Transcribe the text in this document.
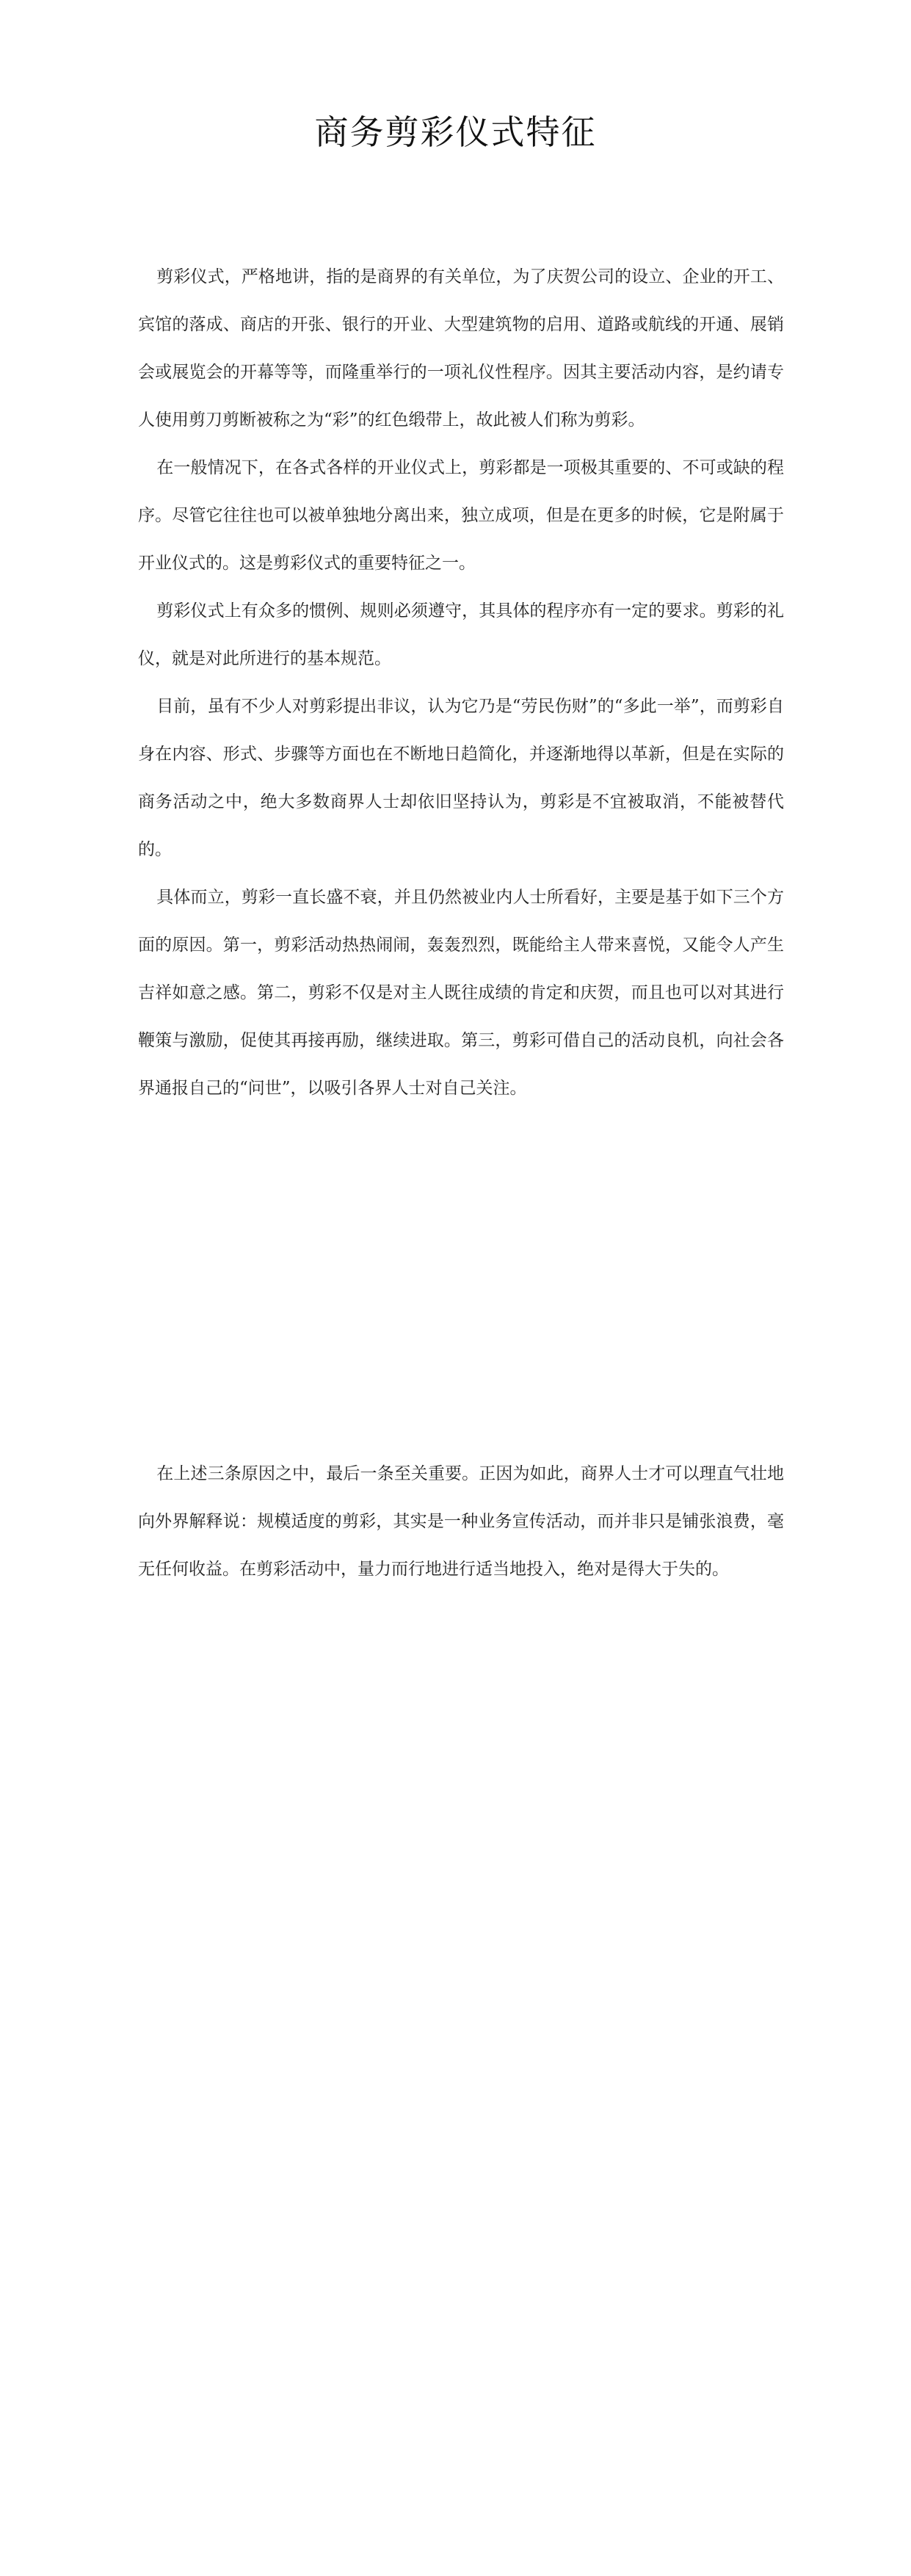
商务剪彩仪式特征

剪彩仪式，严格地讲，指的是商界的有关单位，为了庆贺公司的设立、企业的开工、宾馆的落成、商店的开张、银行的开业、大型建筑物的启用、道路或航线的开通、展销会或展览会的开幕等等，而隆重举行的一项礼仪性程序。因其主要活动内容，是约请专人使用剪刀剪断被称之为“彩”的红色缎带上，故此被人们称为剪彩。

在一般情况下，在各式各样的开业仪式上，剪彩都是一项极其重要的、不可或缺的程序。尽管它往往也可以被单独地分离出来，独立成项，但是在更多的时候，它是附属于开业仪式的。这是剪彩仪式的重要特征之一。

剪彩仪式上有众多的惯例、规则必须遵守，其具体的程序亦有一定的要求。剪彩的礼仪，就是对此所进行的基本规范。

目前，虽有不少人对剪彩提出非议，认为它乃是“劳民伤财”的“多此一举”，而剪彩自身在内容、形式、步骤等方面也在不断地日趋简化，并逐渐地得以革新，但是在实际的商务活动之中，绝大多数商界人士却依旧坚持认为，剪彩是不宜被取消，不能被替代的。

具体而立，剪彩一直长盛不衰，并且仍然被业内人士所看好，主要是基于如下三个方面的原因。第一，剪彩活动热热闹闹，轰轰烈烈，既能给主人带来喜悦，又能令人产生吉祥如意之感。第二，剪彩不仅是对主人既往成绩的肯定和庆贺，而且也可以对其进行鞭策与激励，促使其再接再励，继续进取。第三，剪彩可借自己的活动良机，向社会各界通报自己的“问世”，以吸引各界人士对自己关注。

在上述三条原因之中，最后一条至关重要。正因为如此，商界人士才可以理直气壮地向外界解释说：规模适度的剪彩，其实是一种业务宣传活动，而并非只是铺张浪费，毫无任何收益。在剪彩活动中，量力而行地进行适当地投入，绝对是得大于失的。
